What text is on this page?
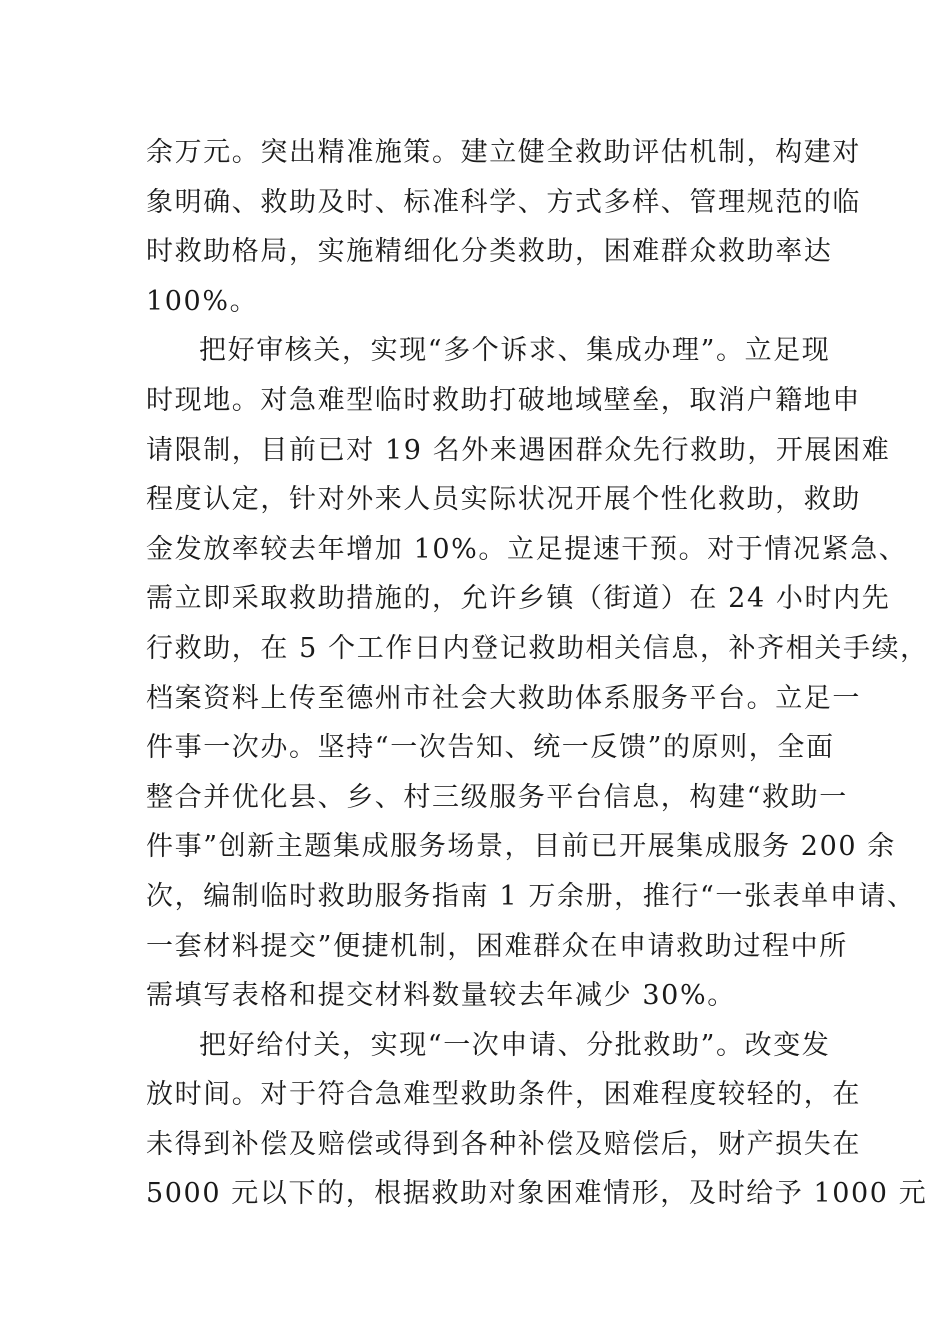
余万元。突出精准施策。建立健全救助评估机制，构建对
象明确、救助及时、标准科学、方式多样、管理规范的临
时救助格局，实施精细化分类救助，困难群众救助率达
100%。
把好审核关，实现“多个诉求、集成办理”。立足现
时现地。对急难型临时救助打破地域壁垒，取消户籍地申
请限制，目前已对 19 名外来遇困群众先行救助，开展困难
程度认定，针对外来人员实际状况开展个性化救助，救助
金发放率较去年增加 10%。立足提速干预。对于情况紧急、
需立即采取救助措施的，允许乡镇（街道）在 24 小时内先
行救助，在 5 个工作日内登记救助相关信息，补齐相关手续，
档案资料上传至德州市社会大救助体系服务平台。立足一
件事一次办。坚持“一次告知、统一反馈”的原则，全面
整合并优化县、乡、村三级服务平台信息，构建“救助一
件事”创新主题集成服务场景，目前已开展集成服务 200 余
次，编制临时救助服务指南 1 万余册，推行“一张表单申请、
一套材料提交”便捷机制，困难群众在申请救助过程中所
需填写表格和提交材料数量较去年减少 30%。
把好给付关，实现“一次申请、分批救助”。改变发
放时间。对于符合急难型救助条件，困难程度较轻的，在
未得到补偿及赔偿或得到各种补偿及赔偿后，财产损失在
5000 元以下的，根据救助对象困难情形，及时给予 1000 元
